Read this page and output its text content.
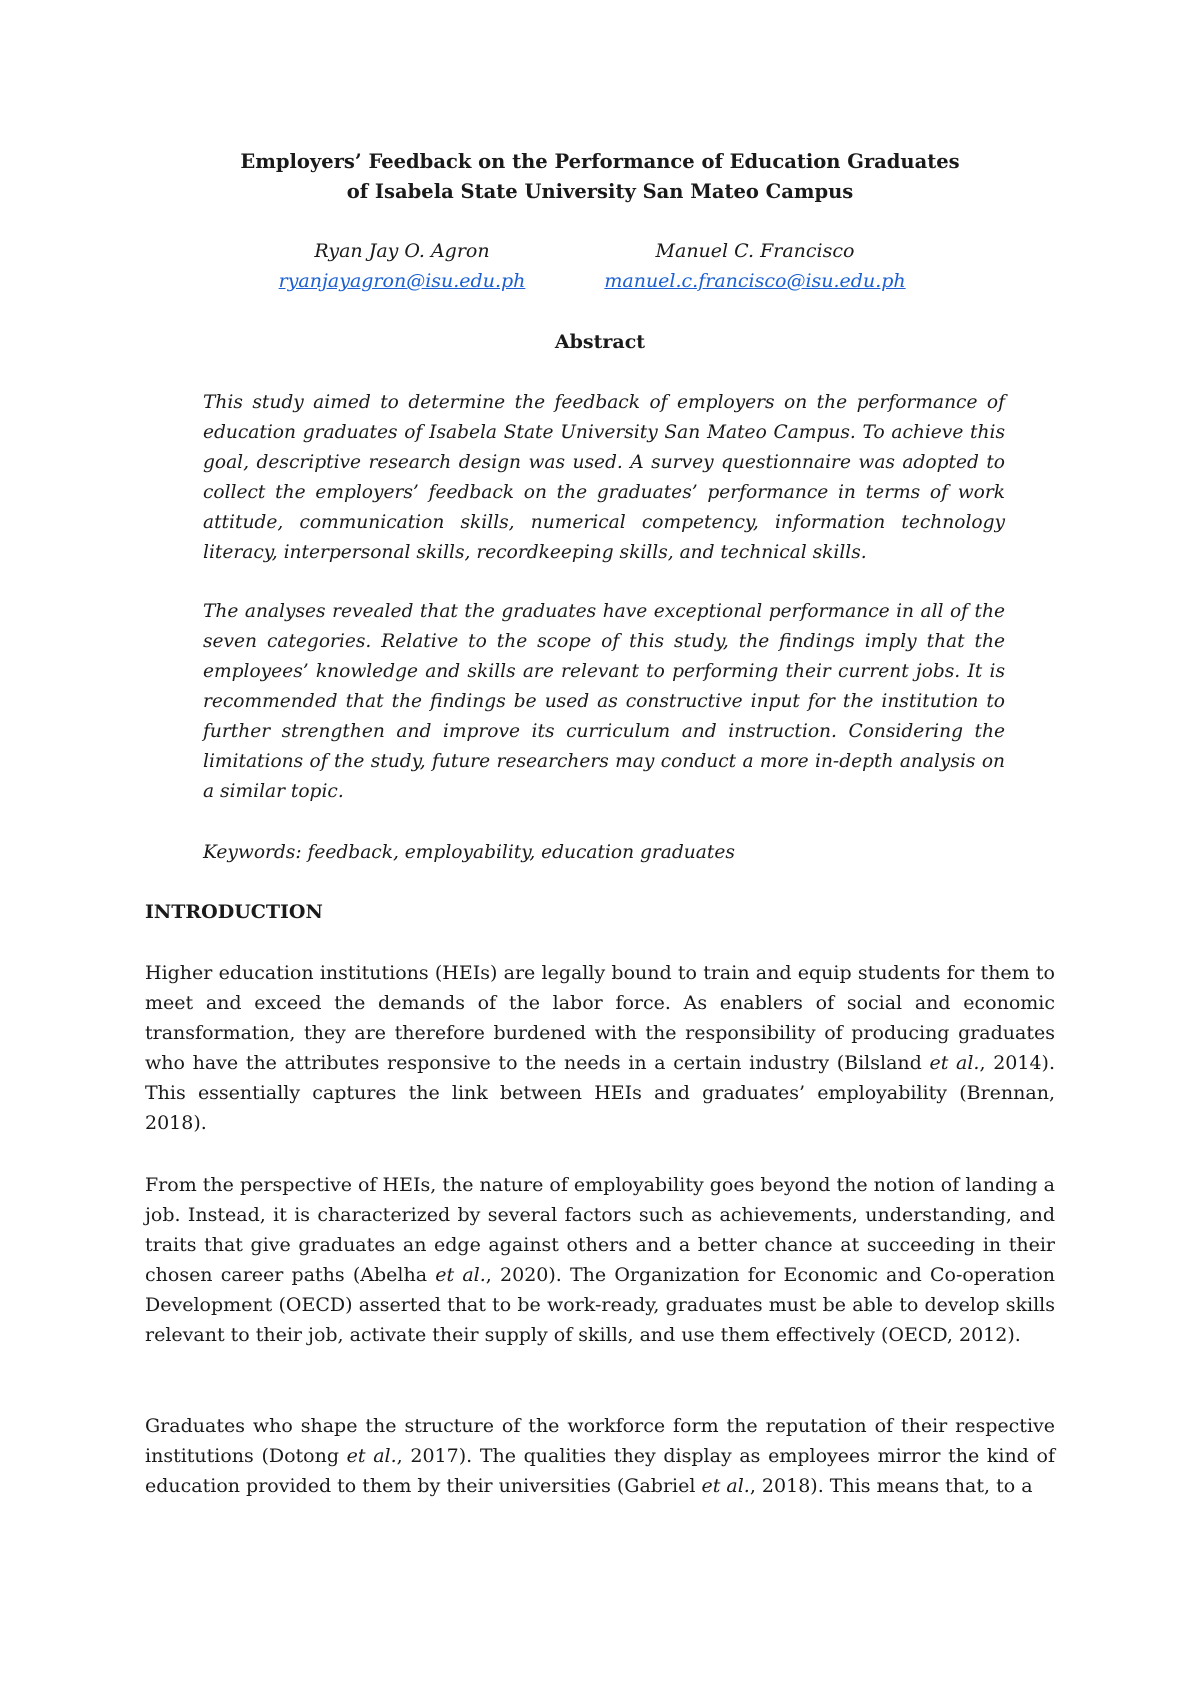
Employers’ Feedback on the Performance of Education Graduates
of Isabela State University San Mateo Campus
Ryan Jay O. Agron
ryanjayagron@isu.edu.ph
Manuel C. Francisco
manuel.c.francisco@isu.edu.ph
Abstract

This study aimed to determine the feedback of employers on the performance of education graduates of Isabela State University San Mateo Campus. To achieve this goal, descriptive research design was used. A survey questionnaire was adopted to collect the employers’ feedback on the graduates’ performance in terms of work attitude, communication skills, numerical competency, information technology literacy, interpersonal skills, recordkeeping skills, and technical skills.

The analyses revealed that the graduates have exceptional performance in all of the seven categories. Relative to the scope of this study, the findings imply that the employees’ knowledge and skills are relevant to performing their current jobs. It is recommended that the findings be used as constructive input for the institution to further strengthen and improve its curriculum and instruction. Considering the limitations of the study, future researchers may conduct a more in-depth analysis on a similar topic.

Keywords: feedback, employability, education graduates

INTRODUCTION

Higher education institutions (HEIs) are legally bound to train and equip students for them to meet and exceed the demands of the labor force. As enablers of social and economic transformation, they are therefore burdened with the responsibility of producing graduates who have the attributes responsive to the needs in a certain industry (Bilsland et al., 2014). This essentially captures the link between HEIs and graduates’ employability (Brennan, 2018).

From the perspective of HEIs, the nature of employability goes beyond the notion of landing a job. Instead, it is characterized by several factors such as achievements, understanding, and traits that give graduates an edge against others and a better chance at succeeding in their chosen career paths (Abelha et al., 2020). The Organization for Economic and Co-operation Development (OECD) asserted that to be work-ready, graduates must be able to develop skills relevant to their job, activate their supply of skills, and use them effectively (OECD, 2012).

Graduates who shape the structure of the workforce form the reputation of their respective institutions (Dotong et al., 2017). The qualities they display as employees mirror the kind of education provided to them by their universities (Gabriel et al., 2018). This means that, to a
